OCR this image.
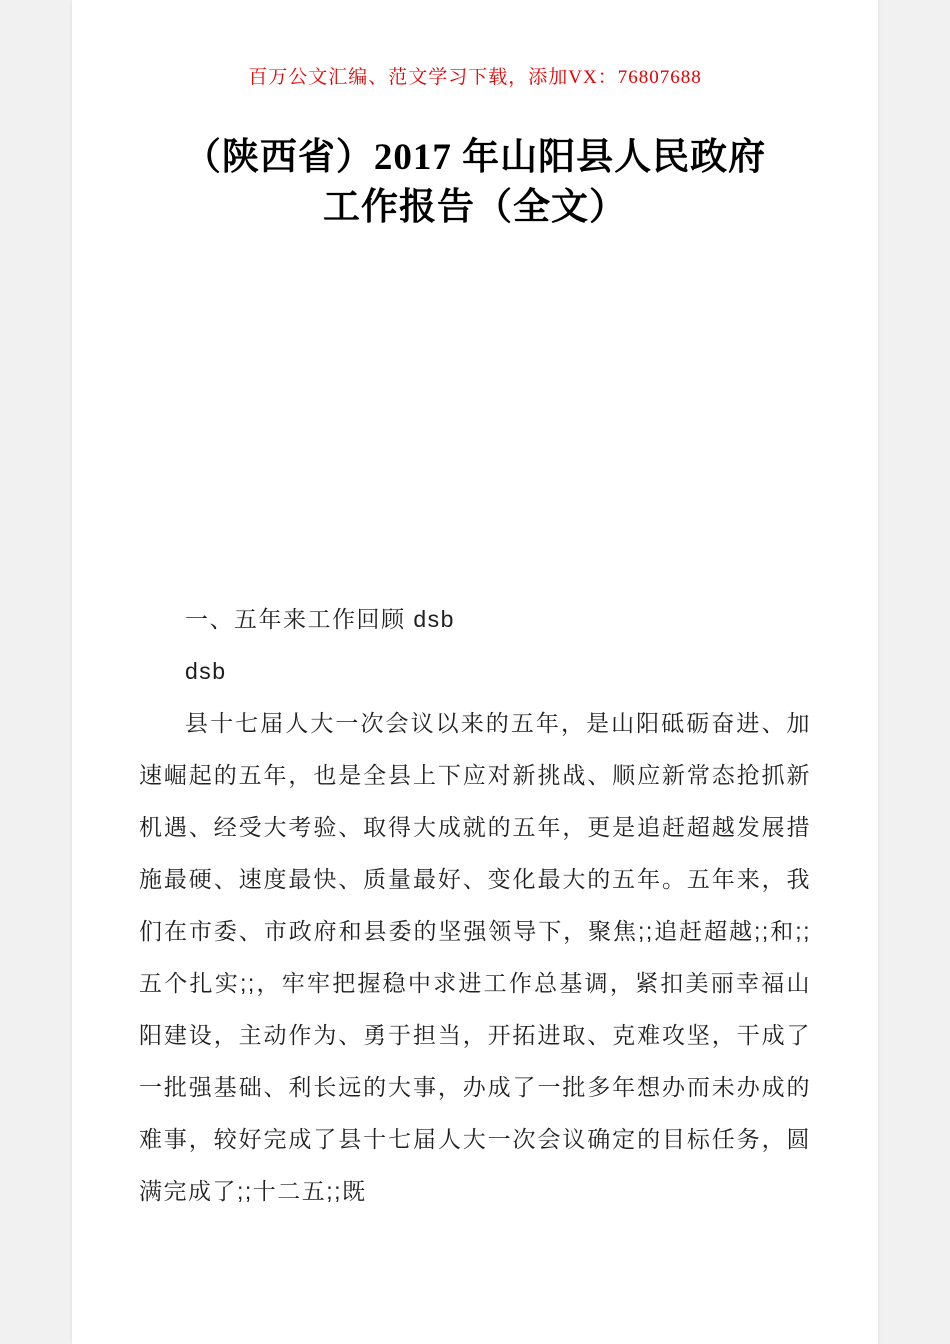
百万公文汇编、范文学习下载，添加VX：76807688
（陕西省）2017 年山阳县人民政府工作报告（全文）

一、五年来工作回顾 dsb

dsb

县十七届人大一次会议以来的五年，是山阳砥砺奋进、加速崛起的五年，也是全县上下应对新挑战、顺应新常态抢抓新机遇、经受大考验、取得大成就的五年，更是追赶超越发展措施最硬、速度最快、质量最好、变化最大的五年。五年来，我们在市委、市政府和县委的坚强领导下，聚焦;;追赶超越;;和;;五个扎实;;，牢牢把握稳中求进工作总基调，紧扣美丽幸福山阳建设，主动作为、勇于担当，开拓进取、克难攻坚，干成了一批强基础、利长远的大事，办成了一批多年想办而未办成的难事，较好完成了县十七届人大一次会议确定的目标任务，圆满完成了;;十二五;;既
